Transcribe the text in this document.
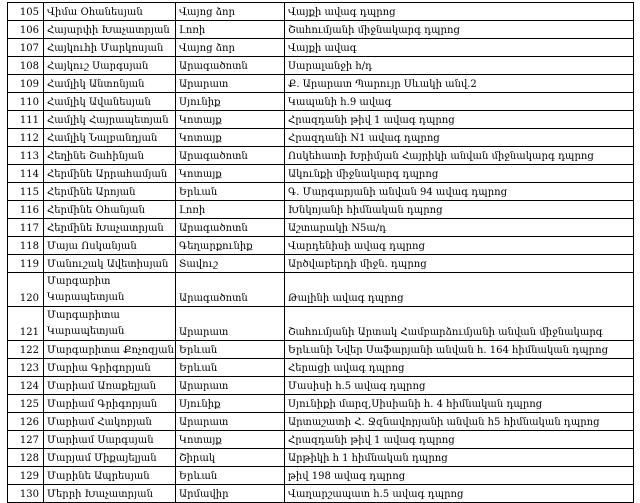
105	Վիմա Օհանեսյան	Վայոց ձոր	Վայքի ավագ դպրոց
106	Հայարփի Խաչատրյան	Լոռի	Շահումյանի միջնակարգ դպրոց
107	Հայկուհի Մարկոսյան	Վայոց ձոր	Վայքի ավագ
108	Հայկուշ Սարգսյան	Արագածոտն	Սարալանջի հ/դ
109	Համլիկ Անտոնյան	Արարատ	Ք. Արարատ Պարույր Սևակի անվ.2
110	Համլիկ Ավանեսյան	Սյունիք	Կապանի հ.9 ավագ
111	Համլիկ Հայրապետյան	Կոտայք	Հրազդանի թիվ 1 ավագ դպրոց
112	Համլիկ Նալբանդյան	Կոտայք	Հրազդանի N1 ավագ դպրոց
113	Հեղինե Շահինյան	Արագածոտն	Ոսկեհատի Խրիմյան Հայրիկի անվան միջնակարգ դպրոց
114	Հերմինե Արրահամյան	Կոտայք	Ակունքի միջնակարգ դպրոց
115	Հերմինե Արոյան	Երևան	Գ. Մարգարյանի անվան 94 ավագ դպրոց
116	Հերմինե Օհանյան	Լոռի	Խնկոյանի հիմնական դպրոց
117	Հերմինե Խաչատրյան	Արագածոտն	Աշտարակի N5ա/դ
118	Մայա Ոսկանյան	Գեղարքունիք	Վարդենիսի ավագ դպրոց
119	Մանուշակ Ավետիսյան	Տավուշ	Արծվաբերդի միջն. դպրոց
120	Մարգարիտ Կարապետյան	Արագածոտն	Թալինի ավագ դպրոց
121	Մարգարիտա Կարապետյան	Արարատ	Շահումյանի Արտակ Համբարձումյանի անվան միջնակարգ
122	Մարգարիտա Քոչոզյան	Երևան	Երևանի Նվեր Սաֆարյանի անվան հ. 164 հիմնական դպրոց
123	Մարիա Գրիգորյան	Երևան	Հերացի ավագ դպրոց
124	Մարիամ Առաքելյան	Արարատ	Մասիսի հ.5 ավագ դպրոց
125	Մարիամ Գրիգորյան	Սյունիք	Սյունիքի մարզ,Սիսիանի հ. 4 հիմնական դպրոց
126	Մարիամ Հակոբյան	Արարատ	Արտաշատի Հ. Ջզնավորյանի անվան հ5 հիմնական դպրոց
127	Մարիամ Սարգսյան	Կոտայք	Հրազդանի թիվ 1 ավագ դպրոց
128	Մարյամ Միքայելյան	Շիրակ	Արթիկի հ 1 հիմնական դպրոց
129	Մարինե Ապրեսյան	Երևան	թիվ 198 ավագ դպրոց
130	Մերրի Խաչատրյան	Արմավիր	Վաղարշապատ հ.5 ավագ դպրոց
